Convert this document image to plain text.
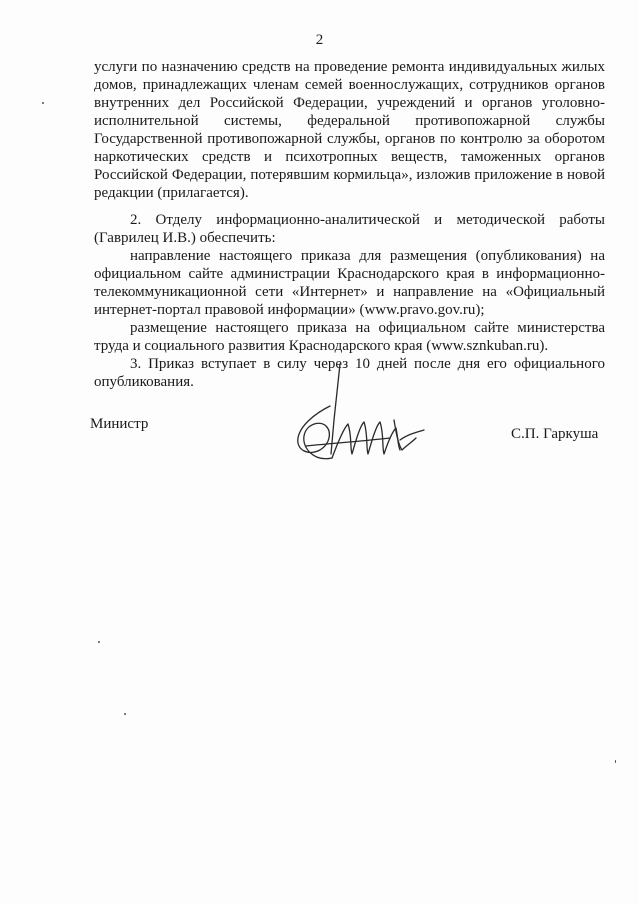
2

услуги по назначению средств на проведение ремонта индивидуальных жилых домов, принадлежащих членам семей военнослужащих, сотрудников органов внутренних дел Российской Федерации, учреждений и органов уголовно-исполнительной системы, федеральной противопожарной службы Государственной противопожарной службы, органов по контролю за оборотом наркотических средств и психотропных веществ, таможенных органов Российской Федерации, потерявшим кормильца», изложив приложение в новой редакции (прилагается).

2. Отделу информационно-аналитической и методической работы (Гаврилец И.В.) обеспечить:

направление настоящего приказа для размещения (опубликования) на официальном сайте администрации Краснодарского края в информационно-телекоммуникационной сети «Интернет» и направление на «Официальный интернет-портал правовой информации» (www.pravo.gov.ru);

размещение настоящего приказа на официальном сайте министерства труда и социального развития Краснодарского края (www.sznkuban.ru).

3. Приказ вступает в силу через 10 дней после дня его официального опубликования.

Министр
С.П. Гаркуша
